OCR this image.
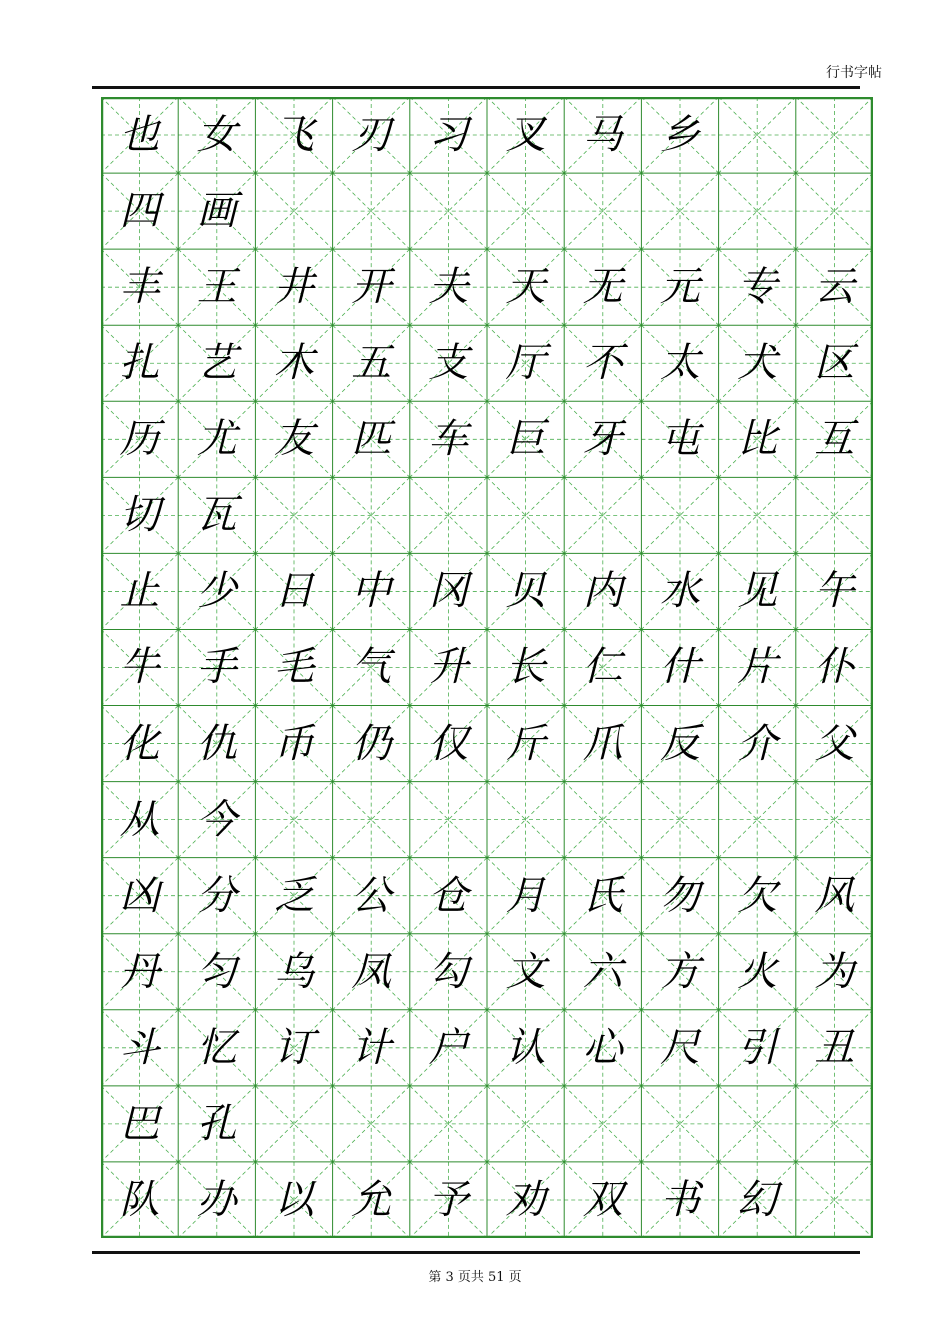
行书字帖
也 女 飞 刃 习 叉 马 乡
四 画
丰 王 井 开 夫 天 无 元 专 云
扎 艺 木 五 支 厅 不 太 犬 区
历 尤 友 匹 车 巨 牙 屯 比 互
切 瓦
止 少 日 中 冈 贝 内 水 见 午
牛 手 毛 气 升 长 仁 什 片 仆
化 仇 币 仍 仅 斤 爪 反 介 父
从 今
凶 分 乏 公 仓 月 氏 勿 欠 风
丹 匀 乌 凤 勾 文 六 方 火 为
斗 忆 订 计 户 认 心 尺 引 丑
巴 孔
队 办 以 允 予 劝 双 书 幻
第 3 页共 51 页
